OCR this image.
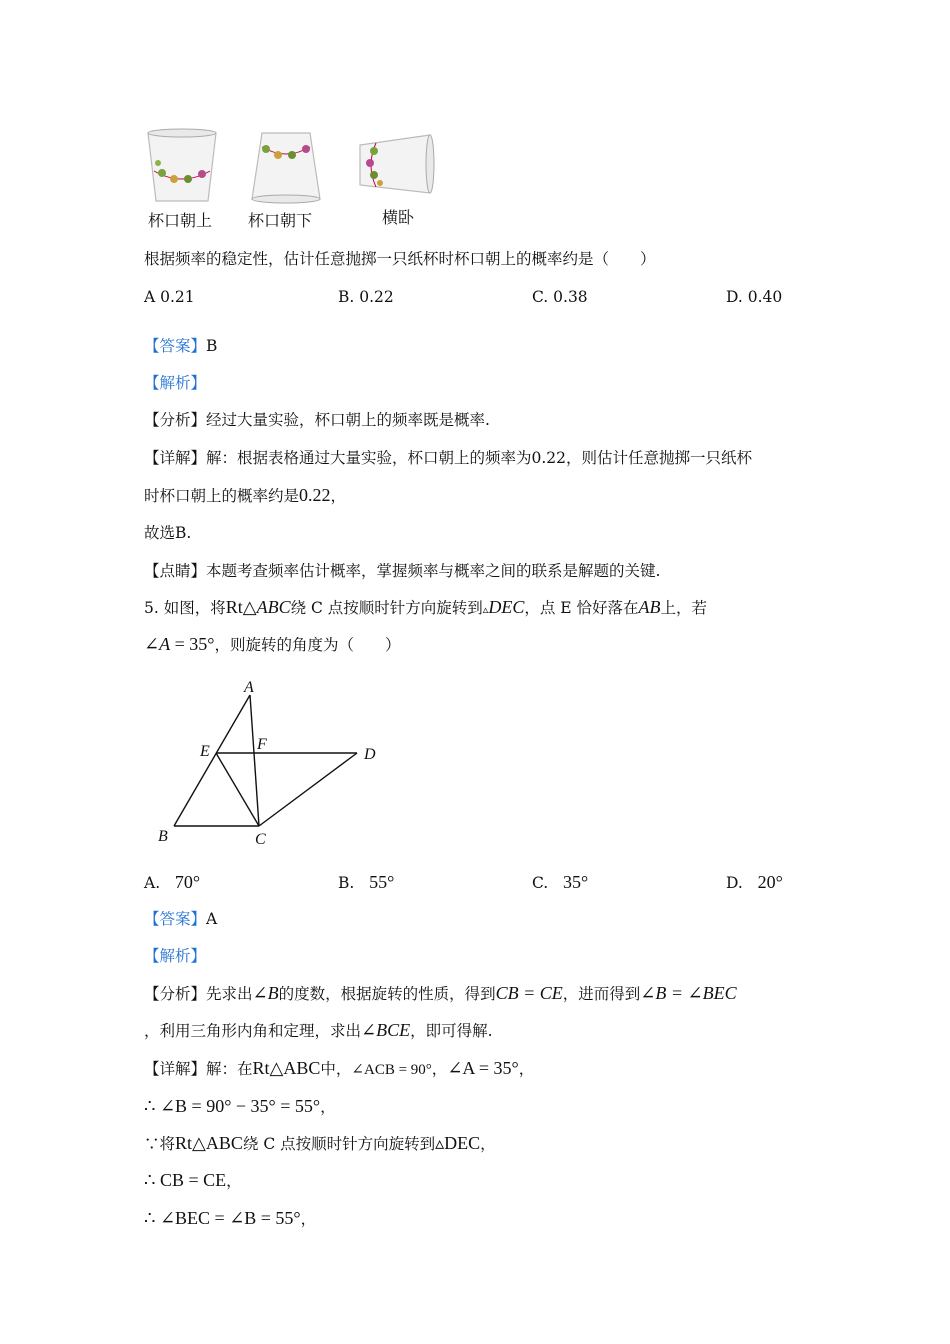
杯口朝上 杯口朝下	横卧
根据频率的稳定性，估计任意抛掷一只纸杯时杯口朝上的概率约是（　　）
A 0.21	B. 0.22	C. 0.38	D. 0.40
【答案】B
【解析】
【分析】经过大量实验，杯口朝上的频率既是概率.
【详解】解：根据表格通过大量实验，杯口朝上的频率为0.22，则估计任意抛掷一只纸杯
时杯口朝上的概率约是0.22，
故选B.
【点睛】本题考查频率估计概率，掌握频率与概率之间的联系是解题的关键.
5. 如图，将Rt△ABC绕 C 点按顺时针方向旋转到▵DEC，点 E 恰好落在AB上，若
∠A = 35°，则旋转的角度为（　　）
A
E	F
D
B	C
A. 70°	B. 55°	C. 35°	D. 20°
【答案】A
【解析】
【分析】先求出∠B的度数，根据旋转的性质，得到CB = CE，进而得到∠B = ∠BEC
，利用三角形内角和定理，求出∠BCE，即可得解.
【详解】解：在Rt△ABC中，∠ACB = 90°，∠A = 35°，
∴ ∠B = 90° − 35° = 55°，
∵将Rt△ABC绕 C 点按顺时针方向旋转到▵DEC，
∴ CB = CE，
∴ ∠BEC = ∠B = 55°，
